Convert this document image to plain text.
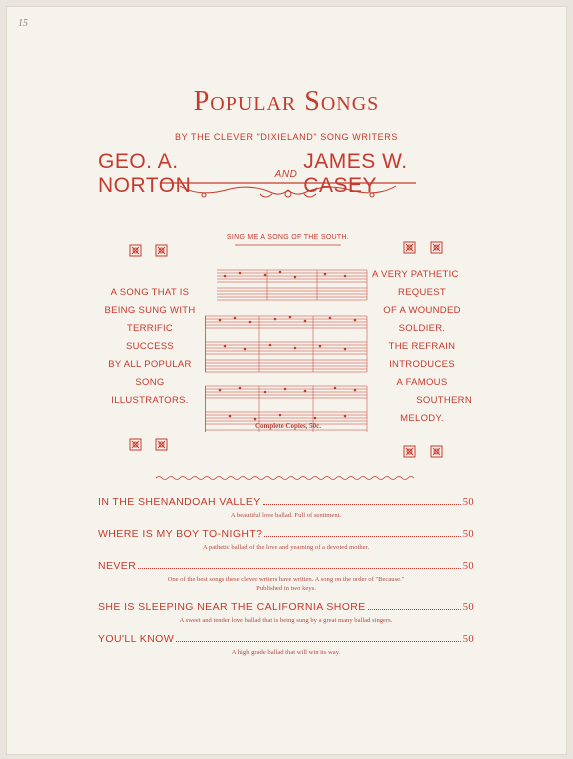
15
Popular Songs
BY THE CLEVER "DIXIELAND" SONG WRITERS
GEO. A. NORTON	AND
JAMES W. CASEY
A SONG THAT IS
BEING SUNG WITH
TERRIFIC
SUCCESS
BY ALL POPULAR
SONG
ILLUSTRATORS.
A VERY PATHETIC
REQUEST
OF A WOUNDED
SOLDIER.
THE REFRAIN
INTRODUCES
A FAMOUS
SOUTHERN
MELODY.
SING ME A SONG OF THE SOUTH.
Complete Copies, 50c.
IN THE SHENANDOAH VALLEY	50
A beautiful love ballad. Full of sentiment.
WHERE IS MY BOY TO-NIGHT?	50
A pathetic ballad of the love and yearning of a devoted mother.
NEVER	50
One of the best songs these clever writers have written. A song on the order of "Because."
Published in two keys.
SHE IS SLEEPING NEAR THE CALIFORNIA SHORE	50
A sweet and tender love ballad that is being sung by a great many ballad singers.
YOU'LL KNOW	50
A high grade ballad that will win its way.
